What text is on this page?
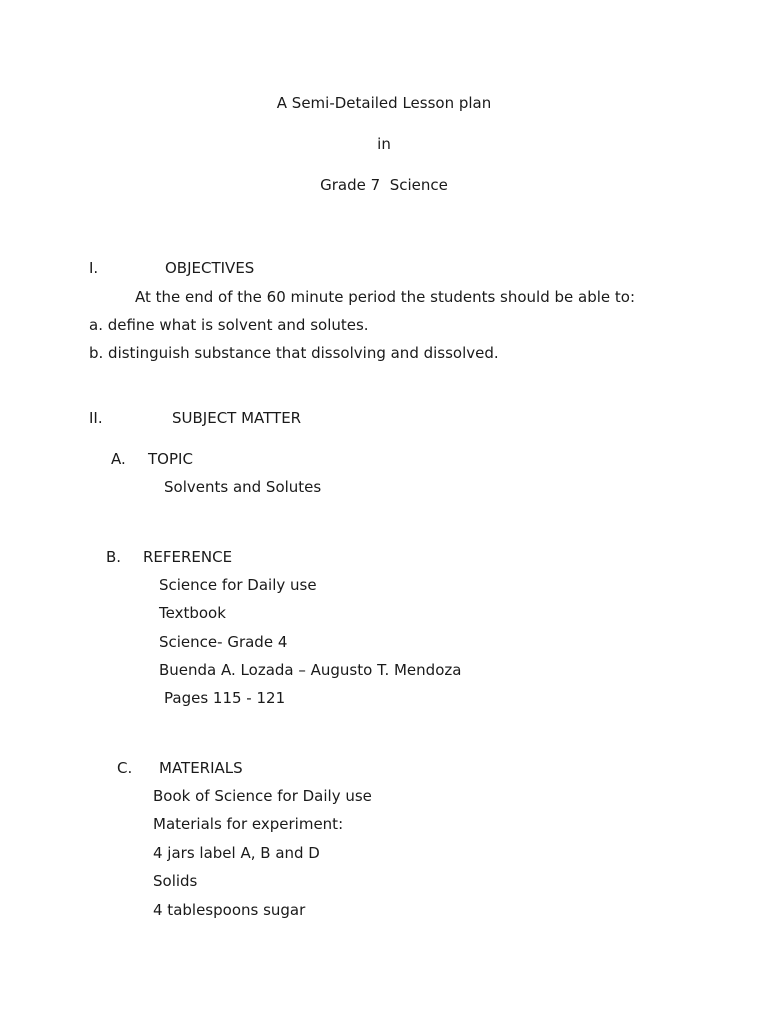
A Semi-Detailed Lesson plan
in
Grade 7  Science
I.	OBJECTIVES
At the end of the 60 minute period the students should be able to:
a. define what is solvent and solutes.
b. distinguish substance that dissolving and dissolved.
II.	SUBJECT MATTER
A. TOPIC
Solvents and Solutes
B. REFERENCE
Science for Daily use
Textbook
Science- Grade 4
Buenda A. Lozada – Augusto T. Mendoza
Pages 115 - 121
C. MATERIALS
Book of Science for Daily use
Materials for experiment:
4 jars label A, B and D
Solids
4 tablespoons sugar
